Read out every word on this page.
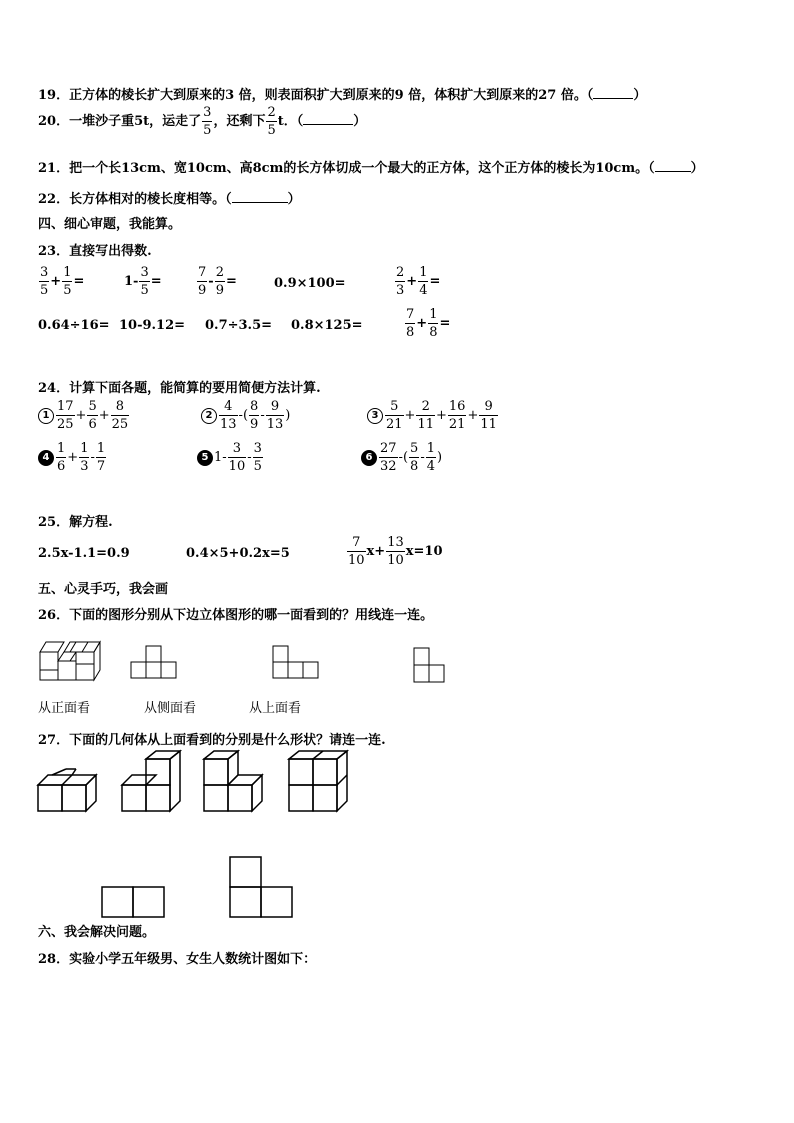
19．正方体的棱长扩大到原来的3 倍，则表面积扩大到原来的9 倍，体积扩大到原来的27 倍。（	）
20．一堆沙子重5t，运走了 $\frac{3}{5}$ ，还剩下 $\frac{2}{5}$ t．（	）
21．把一个长13cm、宽10cm、高8cm的长方体切成一个最大的正方体，这个正方体的棱长为10cm。（	）
22．长方体相对的棱长度相等。（	）
四、细心审题，我能算。
23．直接写出得数.
$\frac{3}{5} + \frac{1}{5}$ =	$1- \frac{3}{5}$ =	$\frac{7}{9} - \frac{2}{9}$ =	0.9×100=	$\frac{2}{3} + \frac{1}{4}$ =
0.64÷16= 10-9.12= 0.7÷3.5= 0.8×125=	$\frac{7}{8} + \frac{1}{8}$ =
24．计算下面各题，能简算的要用简便方法计算.
$1 \frac{17}{25} + \frac{5}{6} + \frac{8}{25}$	$2 \frac{4}{13}$ -( $\frac{8}{9} - \frac{9}{13}$ )	$3 \frac{5}{21} + \frac{2}{11} + \frac{16}{21} + \frac{9}{11}$
$4 \frac{1}{6} + \frac{1}{3} - \frac{1}{7}$	5 $1- \frac{3}{10} - \frac{3}{5}$	$6 \frac{27}{32}$ -( $\frac{5}{8} - \frac{1}{4}$ )
25．解方程.
2.5x-1.1=0.9	0.4×5+0.2x=5	$\frac{7}{10} x+ \frac{13}{10} x=10$
五、心灵手巧，我会画
26．下面的图形分别从下边立体图形的哪一面看到的？用线连一连。
从正面看	从侧面看	从上面看
27．下面的几何体从上面看到的分别是什么形状？请连一连.
六、我会解决问题。
28．实验小学五年级男、女生人数统计图如下：
